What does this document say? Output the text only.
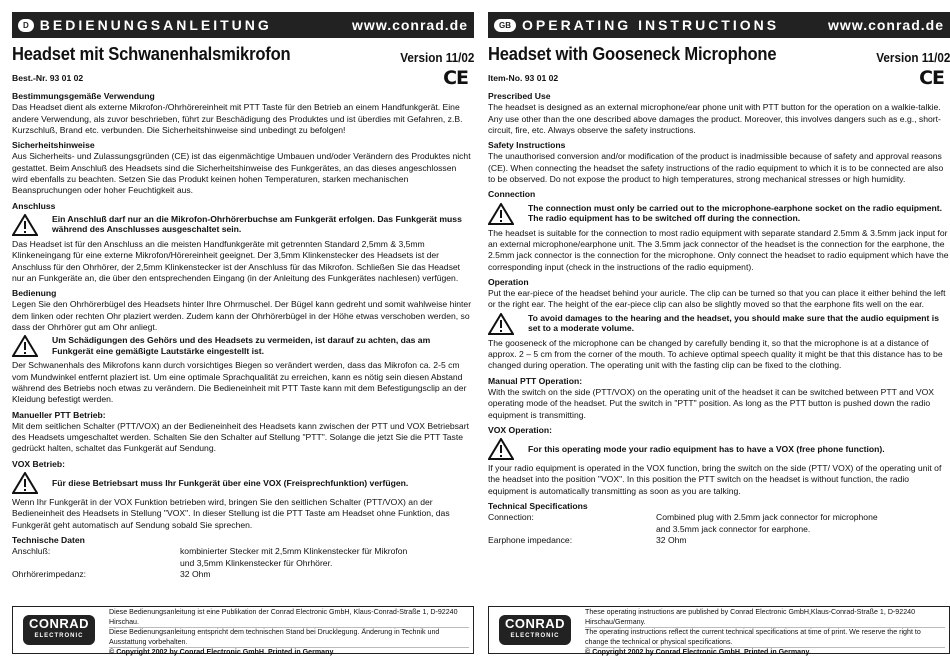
D BEDIENUNGSANLEITUNG	www.conrad.de
Headset mit Schwanenhalsmikrofon	Version 11/02
Best.-Nr. 93 01 02	CE
Bestimmungsgemäße Verwendung
Das Headset dient als externe Mikrofon-/Ohrhörereinheit mit PTT Taste für den Betrieb an einem Handfunkgerät. Eine andere Verwendung, als zuvor beschrieben, führt zur Beschädigung des Produktes und ist überdies mit Gefahren, z.B. Kurzschluß, Brand etc. verbunden. Die Sicherheitshinweise sind unbedingt zu befolgen!
Sicherheitshinweise
Aus Sicherheits- und Zulassungsgründen (CE) ist das eigenmächtige Umbauen und/oder Verändern des Produktes nicht gestattet. Beim Anschluß des Headsets sind die Sicherheitshinweise des Funkgerätes, an das dieses angeschlossen wird ebenfalls zu beachten. Setzen Sie das Produkt keinen hohen Temperaturen, starken mechanischen Beanspruchungen oder hoher Feuchtigkeit aus.
Anschluss
Ein Anschluß darf nur an die Mikrofon-Ohrhörerbuchse am Funkgerät erfolgen. Das Funkgerät muss während des Anschlusses ausgeschaltet sein.
Das Headset ist für den Anschluss an die meisten Handfunkgeräte mit getrennten Standard 2,5mm & 3,5mm Klinkeneingang für eine externe Mikrofon/Hörereinheit geeignet. Der 3,5mm Klinkenstecker des Headsets ist der Anschluss für den Ohrhörer, der 2,5mm Klinkenstecker ist der Anschluss für das Mikrofon. Schließen Sie das Headset nur an Funkgeräte an, die über den entsprechenden Eingang (in der Anleitung des Funkgerätes nachlesen) verfügen.
Bedienung
Legen Sie den Ohrhörerbügel des Headsets hinter Ihre Ohrmuschel. Der Bügel kann gedreht und somit wahlweise hinter dem linken oder rechten Ohr plaziert werden. Zudem kann der Ohrhörerbügel in der Höhe etwas verschoben werden, so dass der Ohrhörer gut am Ohr anliegt.
Um Schädigungen des Gehörs und des Headsets zu vermeiden, ist darauf zu achten, das am Funkgerät eine gemäßigte Lautstärke eingestellt ist.
Der Schwanenhals des Mikrofons kann durch vorsichtiges Biegen so verändert werden, dass das Mikrofon ca. 2-5 cm vom Mundwinkel entfernt plaziert ist. Um eine optimale Sprachqualität zu erreichen, kann es nötig sein diesen Abstand während des Betriebs noch etwas zu verändern. Die Bedieneinheit mit PTT Taste kann mit dem Befestigungsclip an der Kleidung befestigt werden.
Manueller PTT Betrieb:
Mit dem seitlichen Schalter (PTT/VOX) an der Bedieneinheit des Headsets kann zwischen der PTT und VOX Betriebsart des Headsets umgeschaltet werden. Schalten Sie den Schalter auf Stellung "PTT". Solange die jetzt Sie die PTT Taste gedrückt halten, schaltet das Funkgerät auf Sendung.
VOX Betrieb:
Für diese Betriebsart muss Ihr Funkgerät über eine VOX (Freisprechfunktion) verfügen.
Wenn Ihr Funkgerät in der VOX Funktion betrieben wird, bringen Sie den seitlichen Schalter (PTT/VOX) an der Bedieneinheit des Headsets in Stellung "VOX". In dieser Stellung ist die PTT Taste am Headset ohne Funktion, das Funkgerät geht automatisch auf Sendung sobald Sie sprechen.
Technische Daten
Anschluß:	kombinierter Stecker mit 2,5mm Klinkenstecker für Mikrofon
und 3,5mm Klinkenstecker für Ohrhörer.
Ohrhörerimpedanz:	32 Ohm
CONRAD
ELECTRONIC
Diese Bedienungsanleitung ist eine Publikation der Conrad Electronic GmbH, Klaus-Conrad-Straße 1, D-92240 Hirschau.
Diese Bedienungsanleitung entspricht dem technischen Stand bei Drucklegung. Änderung in Technik und Ausstattung vorbehalten.
© Copyright 2002 by Conrad Electronic GmbH. Printed in Germany.
GB OPERATING INSTRUCTIONS	www.conrad.de
Headset with Gooseneck Microphone	Version 11/02
Item-No. 93 01 02	CE
Prescribed Use
The headset is designed as an external microphone/ear phone unit with PTT button for the operation on a walkie-talkie. Any use other than the one described above damages the product. Moreover, this involves dangers such as e.g., short-circuit, fire, etc. Always observe the safety instructions.
Safety Instructions
The unauthorised conversion and/or modification of the product is inadmissible because of safety and approval reasons (CE). When connecting the headset the safety instructions of the radio equipment to which it is to be connected are also to be observed. Do not expose the product to high temperatures, strong mechanical stresses or high humidity.
Connection
The connection must only be carried out to the microphone-earphone socket on the radio equipment. The radio equipment has to be switched off during the connection.
The headset is suitable for the connection to most radio equipment with separate standard 2.5mm & 3.5mm jack input for an external microphone/earphone unit. The 3.5mm jack connector of the headset is the connection for the earphone, the 2.5mm jack connector is the connection for the microphone. Only connect the headset to radio equipment which have the corresponding input (check in the instructions of the radio equipment).
Operation
Put the ear-piece of the headset behind your auricle. The clip can be turned so that you can place it either behind the left or the right ear. The height of the ear-piece clip can also be slightly moved so that the earphone fits well on the ear.
To avoid damages to the hearing and the headset, you should make sure that the audio equipment is set to a moderate volume.
The gooseneck of the microphone can be changed by carefully bending it, so that the microphone is at a distance of approx. 2 – 5 cm from the corner of the mouth. To achieve optimal speech quality it might be that this distance has to be changed during operation. The operating unit with the fasting clip can be fixed to the clothing.
Manual PTT Operation:
With the switch on the side (PTT/VOX) on the operating unit of the headset it can be switched between PTT and VOX operating mode of the headset. Put the switch in "PTT" position. As long as the PTT button is pushed down the radio equipment is transmitting.
VOX Operation:
For this operating mode your radio equipment has to have a VOX (free phone function).
If your radio equipment is operated in the VOX function, bring the switch on the side (PTT/ VOX) of the operating unit of the headset into the position "VOX". In this position the PTT switch on the headset is without function, the radio equipment is automatically transmitting as soon as you are talking.
Technical Specifications
Connection:	Combined plug with 2.5mm jack connector for microphone
and 3.5mm jack connector for earphone.
Earphone impedance:	32 Ohm
CONRAD
ELECTRONIC
These operating instructions are published by Conrad Electronic GmbH,Klaus-Conrad-Straße 1, D-92240 Hirschau/Germany.
The operating instructions reflect the current technical specifications at time of print. We reserve the right to change the technical or physical specifications.
© Copyright 2002 by Conrad Electronic GmbH. Printed in Germany.
